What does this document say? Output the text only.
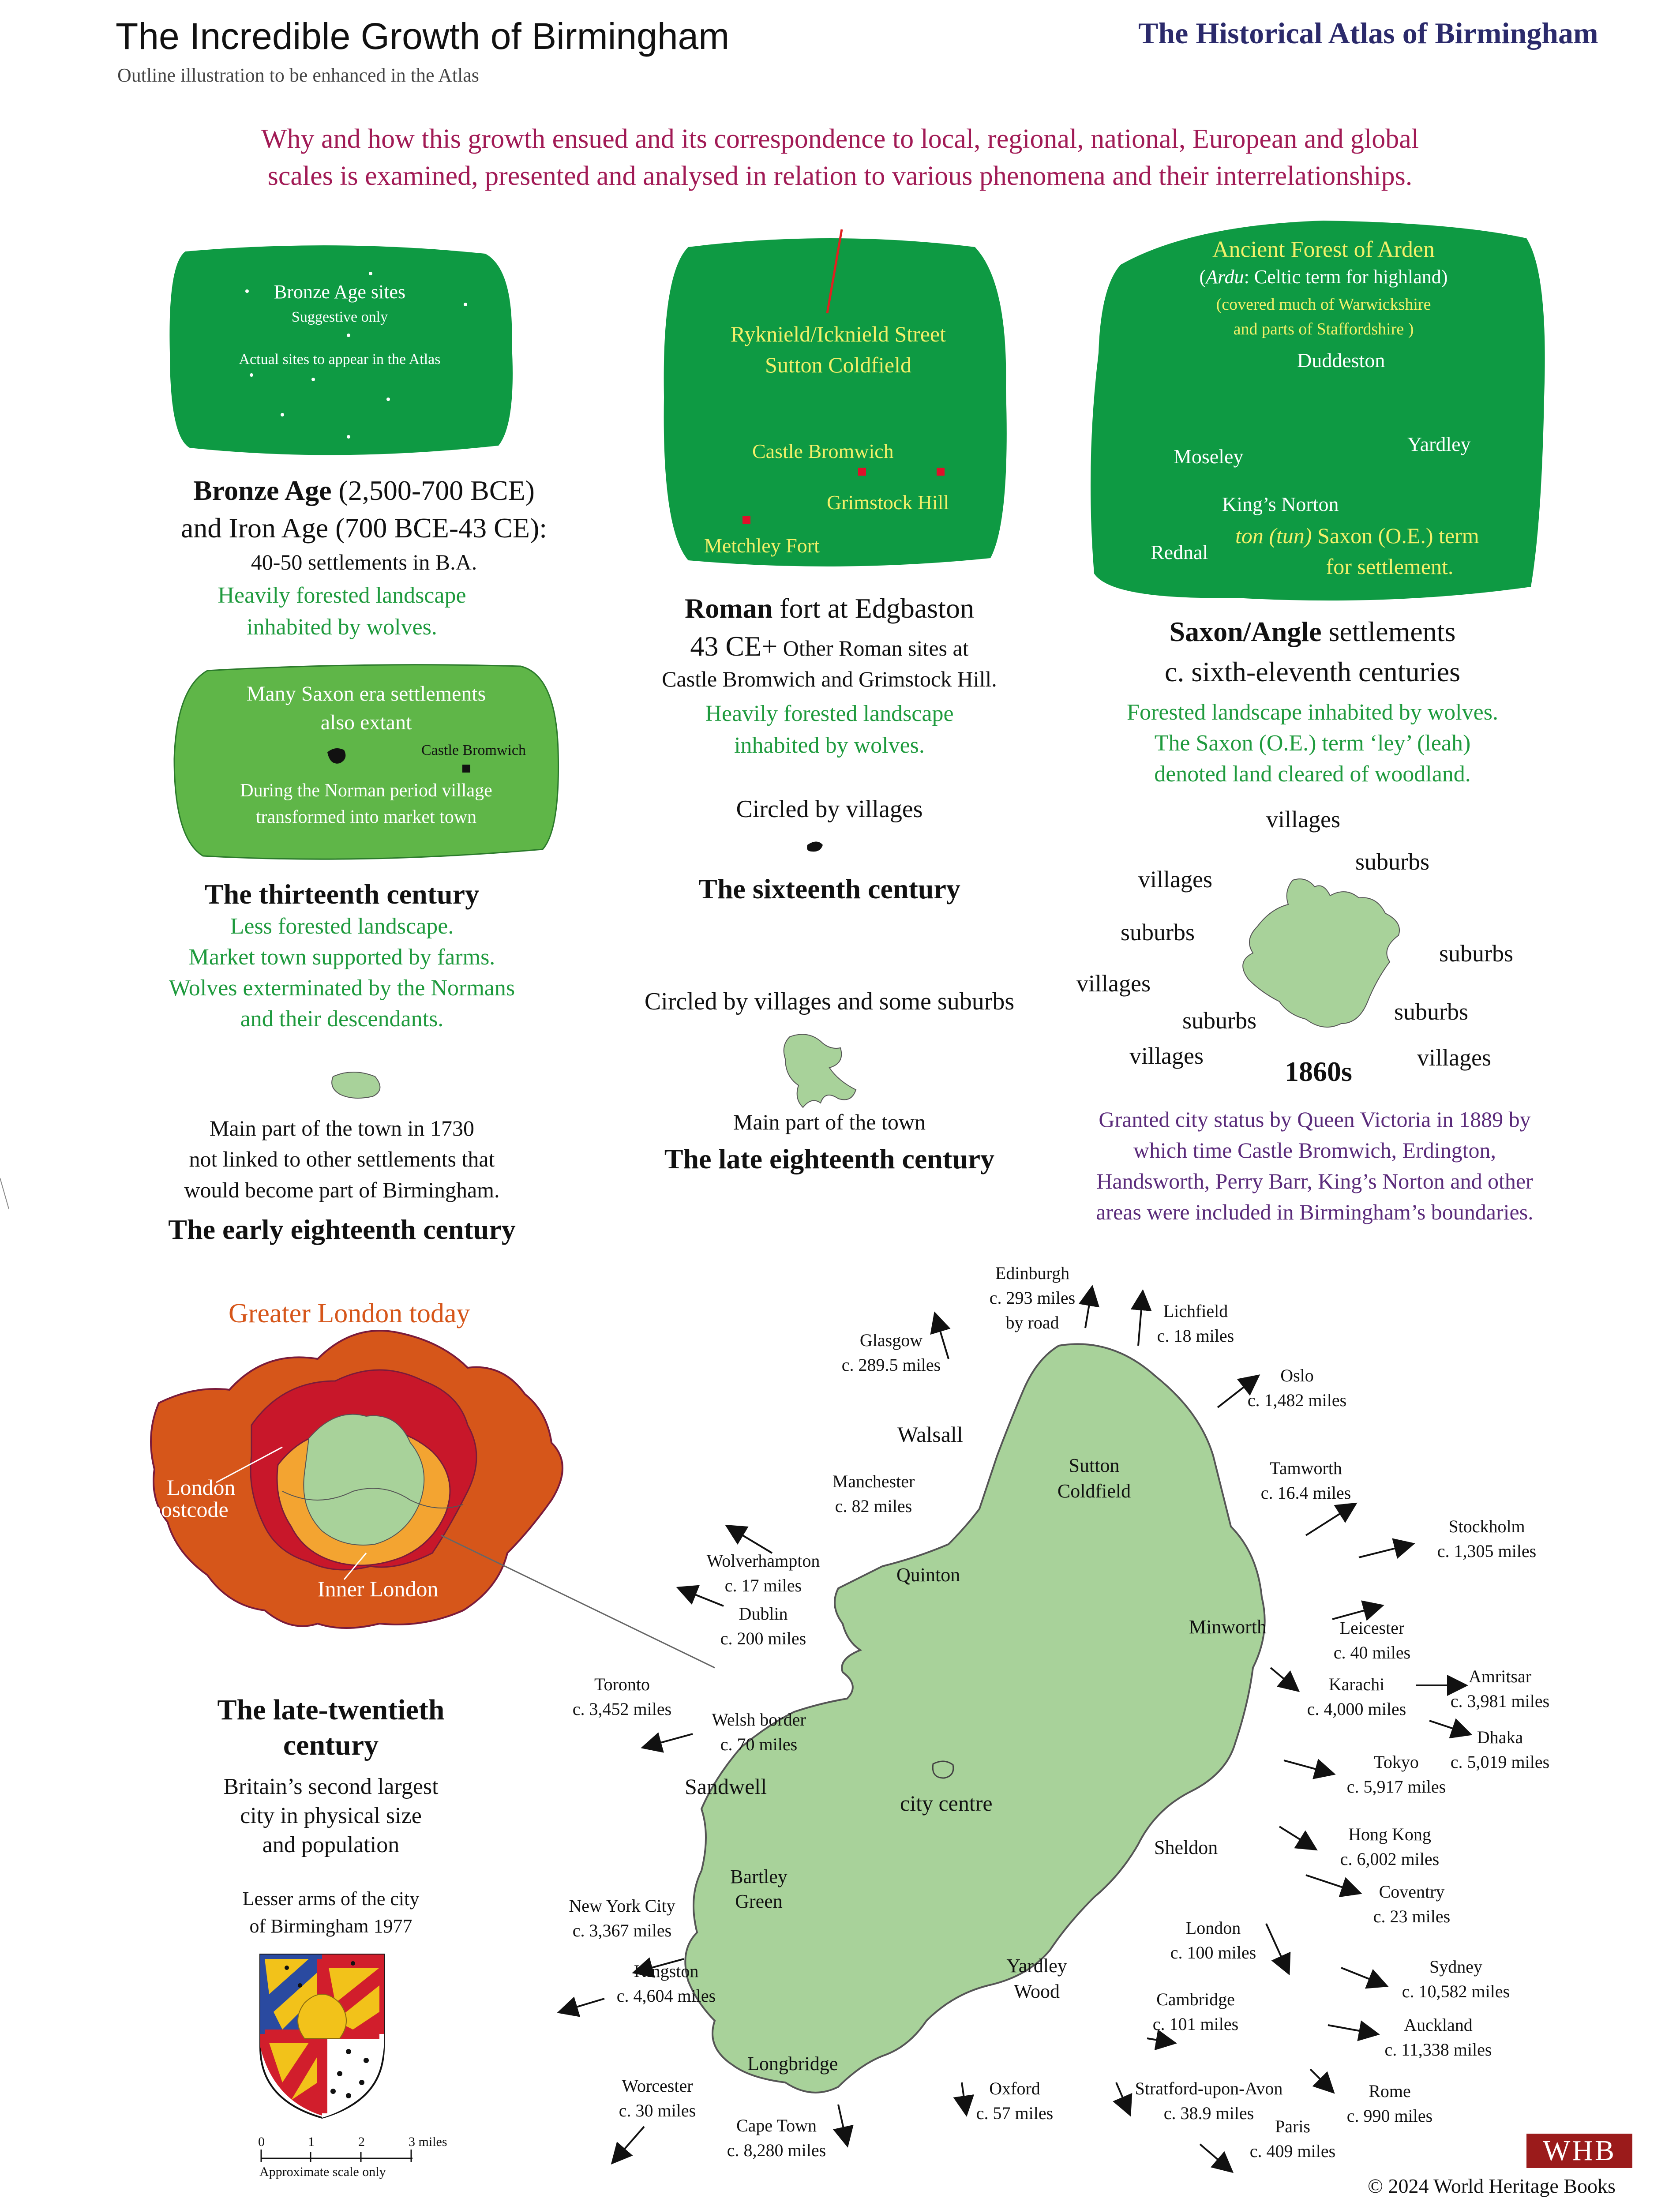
The Incredible Growth of Birmingham
Outline illustration to be enhanced in the Atlas
The Historical Atlas of Birmingham
Why and how this growth ensued and its correspondence to local, regional, national, European and global
scales is examined, presented and analysed in relation to various phenomena and their interrelationships.
Bronze Age sites
Suggestive only
Actual sites to appear in the Atlas
Bronze Age (2,500-700 BCE)
and Iron Age (700 BCE-43 CE):
40-50 settlements in B.A.
Heavily forested landscape
inhabited by wolves.
Ryknield/Icknield Street
Sutton Coldfield
Castle Bromwich
Grimstock Hill
Metchley Fort
Roman fort at Edgbaston
43 CE+ Other Roman sites at
Castle Bromwich and Grimstock Hill.
Heavily forested landscape
inhabited by wolves.
Ancient Forest of Arden
(Ardu: Celtic term for highland)
(covered much of Warwickshire
and parts of Staffordshire )
Duddeston
Moseley
Yardley
King’s Norton
Rednal
ton (tun) Saxon (O.E.) term
for settlement.
Saxon/Angle settlements
c. sixth-eleventh centuries
Forested landscape inhabited by wolves.
The Saxon (O.E.) term ‘ley’ (leah)
denoted land cleared of woodland.
Many Saxon era settlements
also extant
Castle Bromwich
During the Norman period village
transformed into market town
The thirteenth century
Less forested landscape.
Market town supported by farms.
Wolves exterminated by the Normans
and their descendants.
Circled by villages
The sixteenth century
Circled by villages and some suburbs
Main part of the town
The late eighteenth century
Main part of the town in 1730
not linked to other settlements that
would become part of Birmingham.
The early eighteenth century
villages
suburbs
villages
suburbs
suburbs
villages
suburbs	suburbs
villages	villages
1860s
Granted city status by Queen Victoria in 1889 by
which time Castle Bromwich, Erdington,
Handsworth, Perry Barr, King’s Norton and other
areas were included in Birmingham’s boundaries.
Greater London today
London
postcode
Inner London
The late-twentieth
century
Britain’s second largest
city in physical size
and population
Lesser arms of the city
of Birmingham 1977
0	1	2	3 miles
Approximate scale only
Walsall
Sutton
Coldfield
Quinton
Minworth
Sandwell
city centre
Sheldon
Bartley
Green
Yardley
Wood
Longbridge
Edinburgh
c. 293 miles
by road
Lichfield
c. 18 miles
Glasgow
c. 289.5 miles
Oslo
c. 1,482 miles
Tamworth
c. 16.4 miles
Manchester
c. 82 miles
Stockholm
c. 1,305 miles
Wolverhampton
c. 17 miles
Dublin
c. 200 miles
Leicester
c. 40 miles
Toronto
c. 3,452 miles
Karachi
c. 4,000 miles
Amritsar
c. 3,981 miles
Welsh border
c. 70 miles	Dhaka
c. 5,019 miles
Tokyo
c. 5,917 miles
Hong Kong
c. 6,002 miles
Coventry
c. 23 miles
New York City
c. 3,367 miles	London
c. 100 miles
Sydney
c. 10,582 miles
Kingston
c. 4,604 miles	Cambridge
c. 101 miles	Auckland
c. 11,338 miles
Worcester
c. 30 miles
Oxford
c. 57 miles
Stratford-upon-Avon
c. 38.9 miles
Rome
c. 990 miles
Cape Town
c. 8,280 miles
Paris
c. 409 miles	WHB
© 2024 World Heritage Books
